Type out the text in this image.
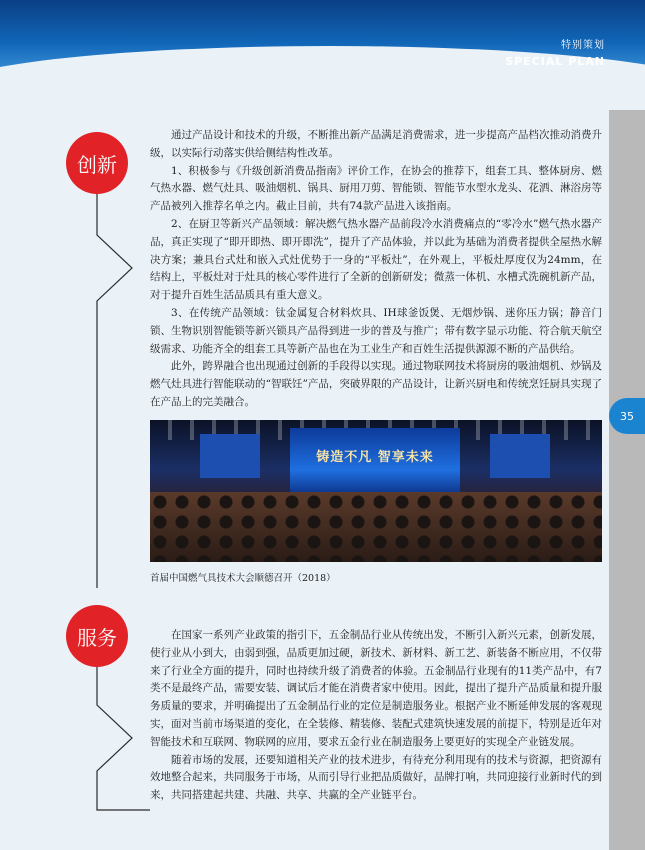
特别策划
SPECIAL PLAN
35
创新

通过产品设计和技术的升级，不断推出新产品满足消费需求，进一步提高产品档次推动消费升级，以实际行动落实供给侧结构性改革。

1、积极参与《升级创新消费品指南》评价工作，在协会的推荐下，组套工具、整体厨房、燃气热水器、燃气灶具、吸油烟机、锅具、厨用刀剪、智能锁、智能节水型水龙头、花洒、淋浴房等产品被列入推荐名单之内。截止目前，共有74款产品进入该指南。

2、在厨卫等新兴产品领域：解决燃气热水器产品前段冷水消费痛点的“零冷水”燃气热水器产品，真正实现了“即开即热、即开即洗”，提升了产品体验，并以此为基础为消费者提供全屋热水解决方案；兼具台式灶和嵌入式灶优势于一身的“平板灶”，在外观上，平板灶厚度仅为24mm，在结构上，平板灶对于灶具的核心零件进行了全新的创新研发；微蒸一体机、水槽式洗碗机新产品，对于提升百姓生活品质具有重大意义。

3、在传统产品领域：钛金属复合材料炊具、IH球釜饭煲、无烟炒锅、迷你压力锅；静音门锁、生物识别智能锁等新兴锁具产品得到进一步的普及与推广；带有数字显示功能、符合航天航空级需求、功能齐全的组套工具等新产品也在为工业生产和百姓生活提供源源不断的产品供给。

此外，跨界融合也出现通过创新的手段得以实现。通过物联网技术将厨房的吸油烟机、炒锅及燃气灶具进行智能联动的“智联饪”产品，突破界限的产品设计，让新兴厨电和传统烹饪厨具实现了在产品上的完美融合。

铸造不凡 智享未来
首届中国燃气具技术大会顺德召开（2018）
服务	在国家一系列产业政策的指引下，五金制品行业从传统出发，不断引入新兴元素，创新发展，使行业从小到大，由弱到强，品质更加过硬，新技术、新材料、新工艺、新装备不断应用，不仅带来了行业全方面的提升，同时也持续升级了消费者的体验。五金制品行业现有的11类产品中，有7类不是最终产品，需要安装、调试后才能在消费者家中使用。因此，提出了提升产品质量和提升服务质量的要求，并明确提出了五金制品行业的定位是制造服务业。根据产业不断延伸发展的客观现实，面对当前市场渠道的变化，在全装修、精装修、装配式建筑快速发展的前提下，特别是近年对智能技术和互联网、物联网的应用，要求五金行业在制造服务上要更好的实现全产业链发展。

随着市场的发展，还要知道相关产业的技术进步，有待充分利用现有的技术与资源，把资源有效地整合起来，共同服务于市场，从而引导行业把品质做好，品牌打响，共同迎接行业新时代的到来，共同搭建起共建、共融、共享、共赢的全产业链平台。
